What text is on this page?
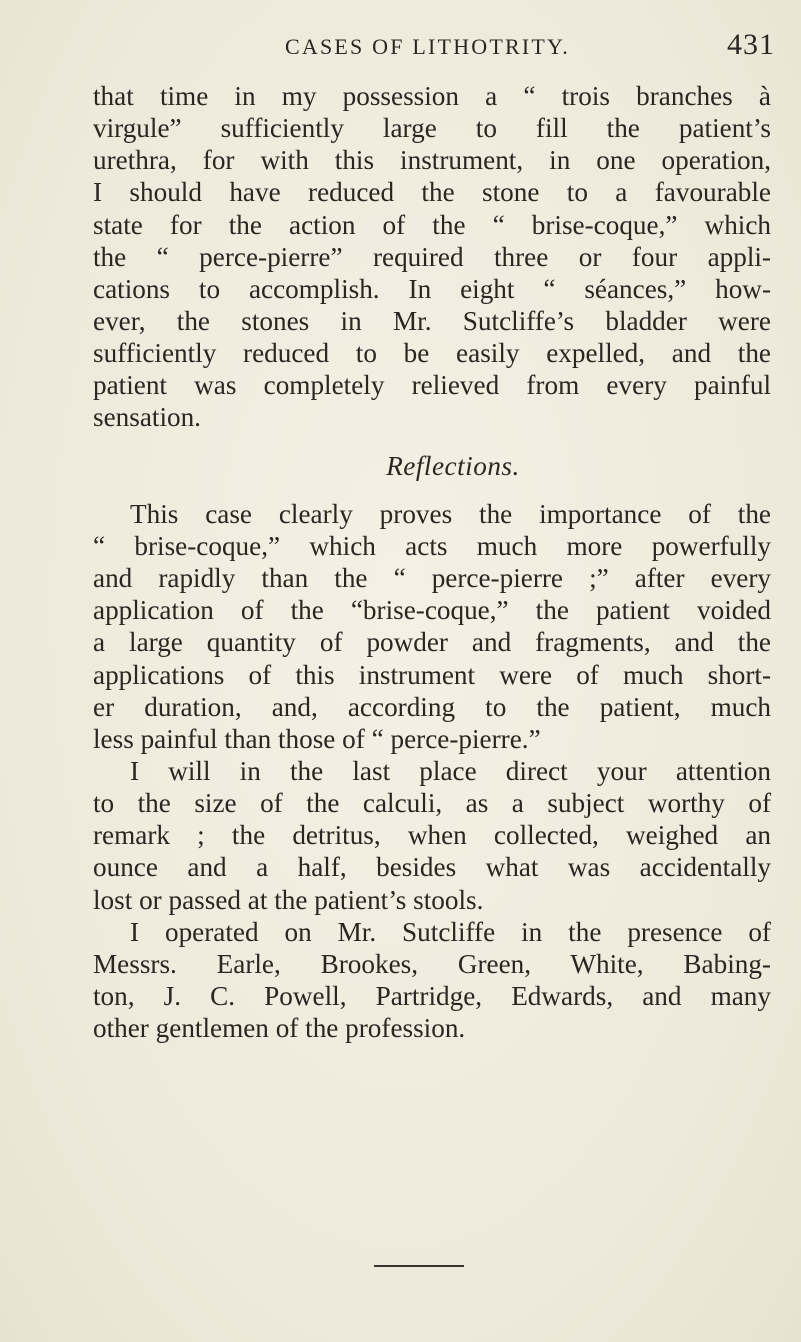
CASES OF LITHOTRITY.	431
that time in my possession a “ trois branches à
virgule” sufficiently large to fill the patient’s
urethra, for with this instrument, in one operation,
I should have reduced the stone to a favourable
state for the action of the “ brise-coque,” which
the “ perce-pierre” required three or four appli-
cations to accomplish. In eight “ séances,” how-
ever, the stones in Mr. Sutcliffe’s bladder were
sufficiently reduced to be easily expelled, and the
patient was completely relieved from every painful
sensation.
Reflections.
This case clearly proves the importance of the
“ brise-coque,” which acts much more powerfully
and rapidly than the “ perce-pierre ;” after every
application of the “brise-coque,” the patient voided
a large quantity of powder and fragments, and the
applications of this instrument were of much short-
er duration, and, according to the patient, much
less painful than those of “ perce-pierre.”
I will in the last place direct your attention
to the size of the calculi, as a subject worthy of
remark ; the detritus, when collected, weighed an
ounce and a half, besides what was accidentally
lost or passed at the patient’s stools.
I operated on Mr. Sutcliffe in the presence of
Messrs. Earle, Brookes, Green, White, Babing-
ton, J. C. Powell, Partridge, Edwards, and many
other gentlemen of the profession.
